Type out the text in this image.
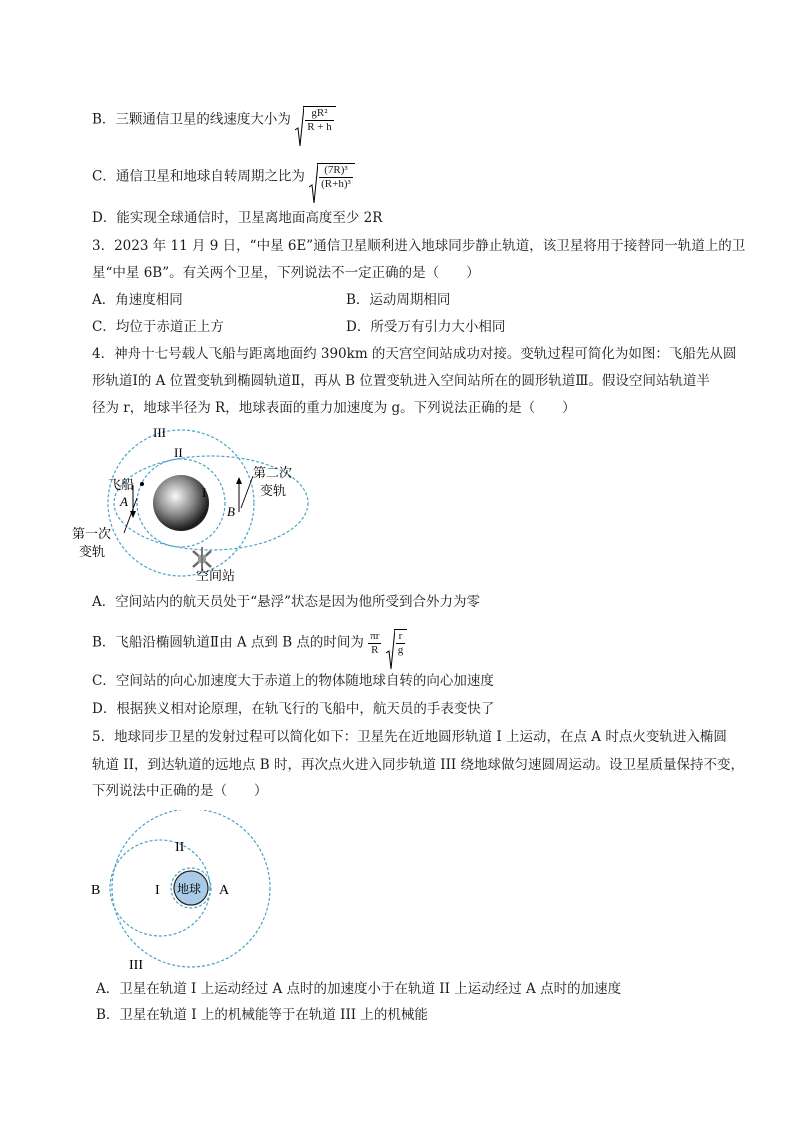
B．三颗通信卫星的线速度大小为 $\frac{\text{gR²}}{R + h}$
C．通信卫星和地球自转周期之比为 $\frac{\text{(7R)³}}{\text{(R+h)³}}$
D．能实现全球通信时，卫星离地面高度至少 2R
3．2023 年 11 月 9 日，“中星 6E”通信卫星顺利进入地球同步静止轨道，该卫星将用于接替同一轨道上的卫
星“中星 6B”。有关两个卫星，下列说法不一定正确的是（　　）
A．角速度相同	B．运动周期相同
C．均位于赤道正上方	D．所受万有引力大小相同
4．神舟十七号载人飞船与距离地面约 390km 的天宫空间站成功对接。变轨过程可简化为如图：飞船先从圆
形轨道Ⅰ的 A 位置变轨到椭圆轨道Ⅱ，再从 B 位置变轨进入空间站所在的圆形轨道Ⅲ。假设空间站轨道半
径为 r，地球半径为 R，地球表面的重力加速度为 g。下列说法正确的是（　　）
III
II
I
飞船
A
B
第二次
变轨
第一次
变轨
空间站
A．空间站内的航天员处于“悬浮”状态是因为他所受到合外力为零
B．飞船沿椭圆轨道Ⅱ由 A 点到 B 点的时间为 $\frac{\pi r}{R}$
$\frac{r}{g}$
C．空间站的向心加速度大于赤道上的物体随地球自转的向心加速度
D．根据狭义相对论原理，在轨飞行的飞船中，航天员的手表变快了
5．地球同步卫星的发射过程可以简化如下：卫星先在近地圆形轨道 I 上运动，在点 A 时点火变轨进入椭圆
轨道 II，到达轨道的远地点 B 时，再次点火进入同步轨道 III 绕地球做匀速圆周运动。设卫星质量保持不变，
下列说法中正确的是（　　）
II
B	I 地球 A
III
A．卫星在轨道 I 上运动经过 A 点时的加速度小于在轨道 II 上运动经过 A 点时的加速度
B．卫星在轨道 I 上的机械能等于在轨道 III 上的机械能
